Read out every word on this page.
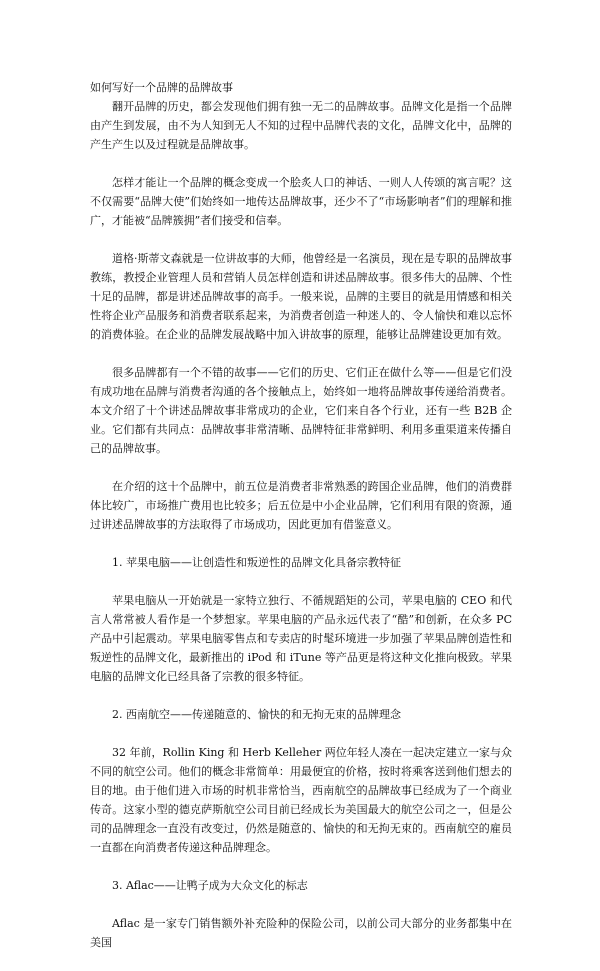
如何写好一个品牌的品牌故事

翻开品牌的历史，都会发现他们拥有独一无二的品牌故事。品牌文化是指一个品牌由产生到发展，由不为人知到无人不知的过程中品牌代表的文化，品牌文化中，品牌的产生产生以及过程就是品牌故事。

怎样才能让一个品牌的概念变成一个脍炙人口的神话、一则人人传颂的寓言呢？这不仅需要“品牌大使”们始终如一地传达品牌故事，还少不了“市场影响者”们的理解和推广，才能被“品牌簇拥”者们接受和信奉。

道格·斯蒂文森就是一位讲故事的大师，他曾经是一名演员，现在是专职的品牌故事教练，教授企业管理人员和营销人员怎样创造和讲述品牌故事。很多伟大的品牌、个性十足的品牌，都是讲述品牌故事的高手。一般来说，品牌的主要目的就是用情感和相关性将企业产品服务和消费者联系起来，为消费者创造一种迷人的、令人愉快和难以忘怀的消费体验。在企业的品牌发展战略中加入讲故事的原理，能够让品牌建设更加有效。

很多品牌都有一个不错的故事——它们的历史、它们正在做什么等——但是它们没有成功地在品牌与消费者沟通的各个接触点上，始终如一地将品牌故事传递给消费者。本文介绍了十个讲述品牌故事非常成功的企业，它们来自各个行业，还有一些 B2B 企业。它们都有共同点：品牌故事非常清晰、品牌特征非常鲜明、利用多重渠道来传播自己的品牌故事。

在介绍的这十个品牌中，前五位是消费者非常熟悉的跨国企业品牌，他们的消费群体比较广，市场推广费用也比较多；后五位是中小企业品牌，它们利用有限的资源，通过讲述品牌故事的方法取得了市场成功，因此更加有借鉴意义。

1. 苹果电脑——让创造性和叛逆性的品牌文化具备宗教特征

苹果电脑从一开始就是一家特立独行、不循规蹈矩的公司，苹果电脑的 CEO 和代言人常常被人看作是一个梦想家。苹果电脑的产品永远代表了“酷”和创新，在众多 PC 产品中引起震动。苹果电脑零售点和专卖店的时髦环境进一步加强了苹果品牌创造性和叛逆性的品牌文化，最新推出的 iPod 和 iTune 等产品更是将这种文化推向极致。苹果电脑的品牌文化已经具备了宗教的很多特征。

2. 西南航空——传递随意的、愉快的和无拘无束的品牌理念

32 年前，Rollin King 和 Herb Kelleher 两位年轻人凑在一起决定建立一家与众不同的航空公司。他们的概念非常简单：用最便宜的价格，按时将乘客送到他们想去的目的地。由于他们进入市场的时机非常恰当，西南航空的品牌故事已经成为了一个商业传奇。这家小型的德克萨斯航空公司目前已经成长为美国最大的航空公司之一，但是公司的品牌理念一直没有改变过，仍然是随意的、愉快的和无拘无束的。西南航空的雇员一直都在向消费者传递这种品牌理念。

3. Aflac——让鸭子成为大众文化的标志

Aflac 是一家专门销售额外补充险种的保险公司，以前公司大部分的业务都集中在美国
